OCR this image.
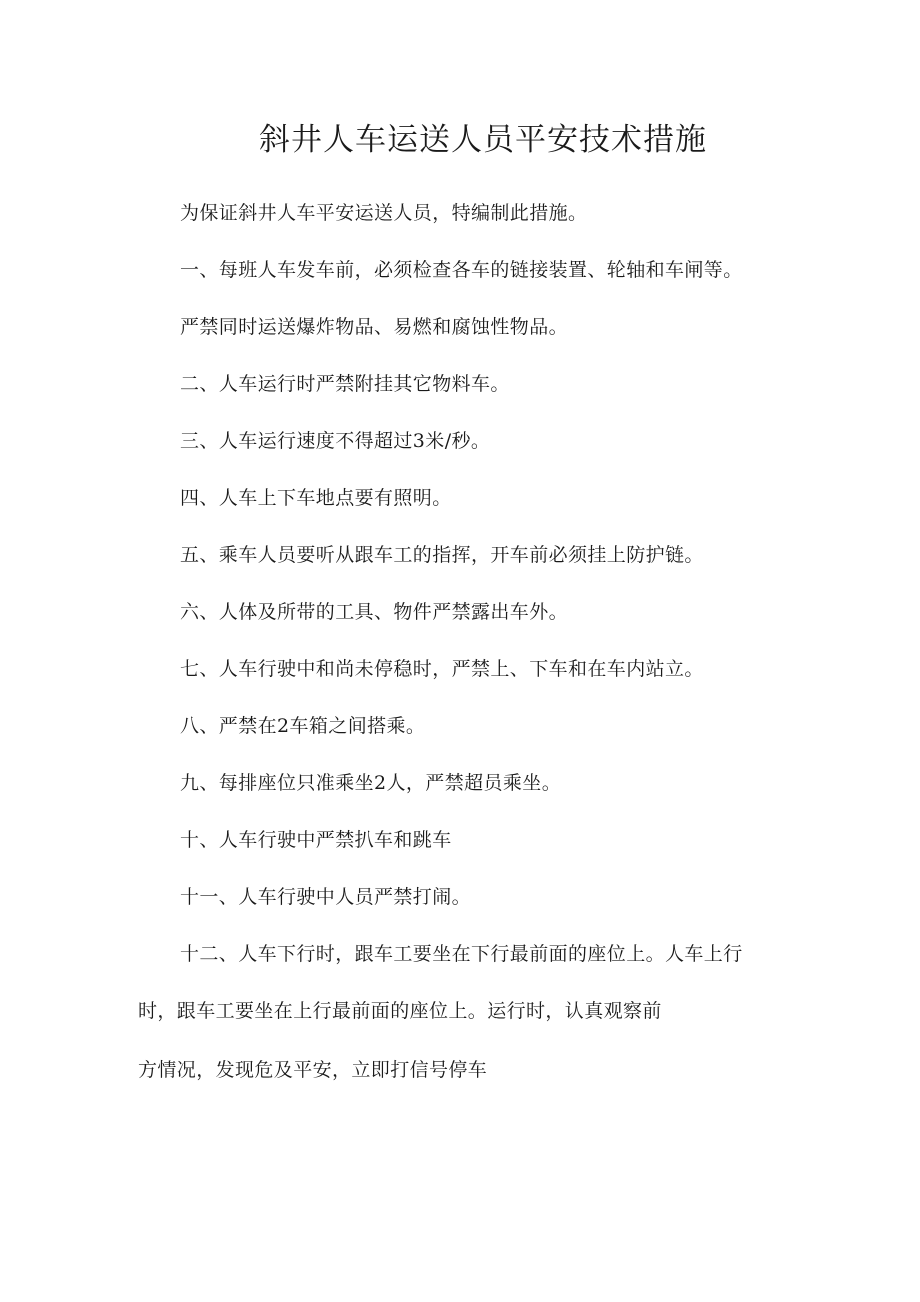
斜井人车运送人员平安技术措施
为保证斜井人车平安运送人员，特编制此措施。
一、每班人车发车前，必须检查各车的链接装置、轮轴和车闸等。
严禁同时运送爆炸物品、易燃和腐蚀性物品。
二、人车运行时严禁附挂其它物料车。
三、人车运行速度不得超过3米/秒。
四、人车上下车地点要有照明。
五、乘车人员要听从跟车工的指挥，开车前必须挂上防护链。
六、人体及所带的工具、物件严禁露出车外。
七、人车行驶中和尚未停稳时，严禁上、下车和在车内站立。
八、严禁在2车箱之间搭乘。
九、每排座位只准乘坐2人，严禁超员乘坐。
十、人车行驶中严禁扒车和跳车
十一、人车行驶中人员严禁打闹。
十二、人车下行时，跟车工要坐在下行最前面的座位上。人车上行
时，跟车工要坐在上行最前面的座位上。运行时，认真观察前
方情况，发现危及平安，立即打信号停车
